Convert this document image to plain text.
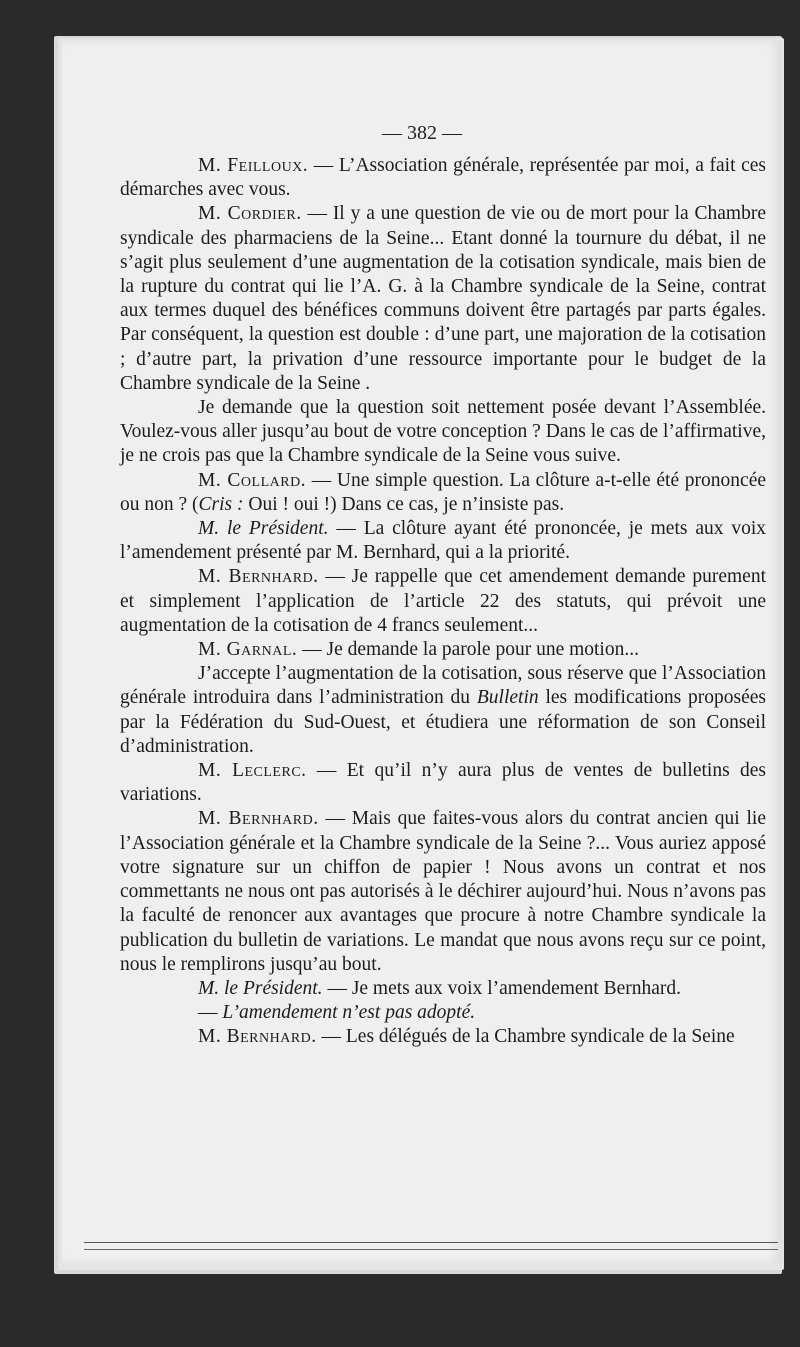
— 382 —

M. Feilloux. — L’Association générale, représentée par moi, a fait ces démarches avec vous.

M. Cordier. — Il y a une question de vie ou de mort pour la Chambre syndicale des pharmaciens de la Seine... Etant donné la tournure du débat, il ne s’agit plus seulement d’une augmentation de la cotisation syndicale, mais bien de la rupture du contrat qui lie l’A. G. à la Chambre syndicale de la Seine, contrat aux termes duquel des bénéfices communs doivent être partagés par parts égales. Par conséquent, la question est double : d’une part, une majoration de la cotisation ; d’autre part, la privation d’une ressource importante pour le budget de la Chambre syndicale de la Seine .

Je demande que la question soit nettement posée devant l’Assemblée. Voulez-vous aller jusqu’au bout de votre conception ? Dans le cas de l’affirmative, je ne crois pas que la Chambre syndicale de la Seine vous suive.

M. Collard. — Une simple question. La clôture a-t-elle été prononcée ou non ? (Cris : Oui ! oui !) Dans ce cas, je n’insiste pas.

M. le Président. — La clôture ayant été prononcée, je mets aux voix l’amendement présenté par M. Bernhard, qui a la priorité.

M. Bernhard. — Je rappelle que cet amendement demande purement et simplement l’application de l’article 22 des statuts, qui prévoit une augmentation de la cotisation de 4 francs seulement...

M. Garnal. — Je demande la parole pour une motion...

J’accepte l’augmentation de la cotisation, sous réserve que l’Association générale introduira dans l’administration du Bulletin les modifications proposées par la Fédération du Sud-Ouest, et étudiera une réformation de son Conseil d’administration.

M. Leclerc. — Et qu’il n’y aura plus de ventes de bulletins des variations.

M. Bernhard. — Mais que faites-vous alors du contrat ancien qui lie l’Association générale et la Chambre syndicale de la Seine ?... Vous auriez apposé votre signature sur un chiffon de papier ! Nous avons un contrat et nos commettants ne nous ont pas autorisés à le déchirer aujourd’hui. Nous n’avons pas la faculté de renoncer aux avantages que procure à notre Chambre syndicale la publication du bulletin de variations. Le mandat que nous avons reçu sur ce point, nous le remplirons jusqu’au bout.

M. le Président. — Je mets aux voix l’amendement Bernhard.

— L’amendement n’est pas adopté.

M. Bernhard. — Les délégués de la Chambre syndicale de la Seine
